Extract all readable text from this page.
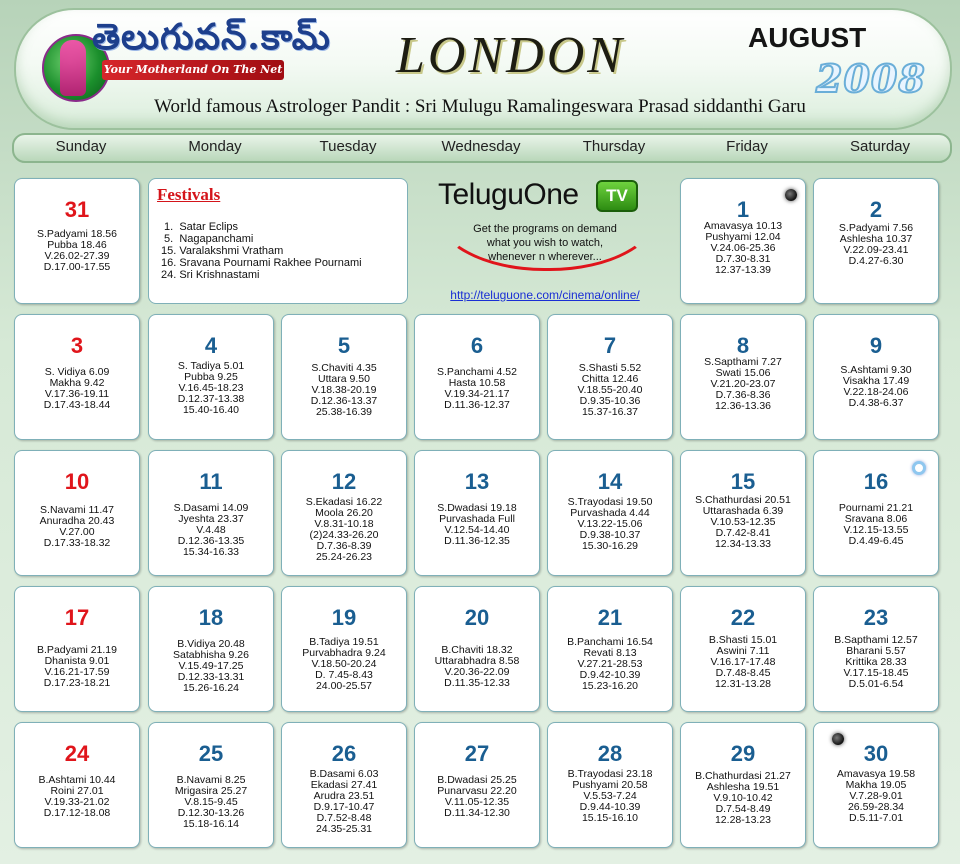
తెలుగువన్.కామ్
Your Motherland On The Net LONDON	AUGUST
2008
World famous Astrologer Pandit : Sri Mulugu Ramalingeswara Prasad siddanthi Garu
Sunday	Monday	Tuesday	Wednesday	Thursday	Friday	Saturday
31
S.Padyami 18.56
Pubba 18.46
V.26.02-27.39
D.17.00-17.55
1
Amavasya 10.13
Pushyami 12.04
V.24.06-25.36
D.7.30-8.31
12.37-13.39
2
S.Padyami 7.56
Ashlesha 10.37
V.22.09-23.41
D.4.27-6.30
3
S. Vidiya 6.09
Makha 9.42
V.17.36-19.11
D.17.43-18.44
4
S. Tadiya 5.01
Pubba 9.25
V.16.45-18.23
D.12.37-13.38
15.40-16.40
5
S.Chaviti 4.35
Uttara 9.50
V.18.38-20.19
D.12.36-13.37
25.38-16.39
6
S.Panchami 4.52
Hasta 10.58
V.19.34-21.17
D.11.36-12.37
7
S.Shasti 5.52
Chitta 12.46
V.18.55-20.40
D.9.35-10.36
15.37-16.37
8
S.Sapthami 7.27
Swati 15.06
V.21.20-23.07
D.7.36-8.36
12.36-13.36
9
S.Ashtami 9.30
Visakha 17.49
V.22.18-24.06
D.4.38-6.37
10
S.Navami 11.47
Anuradha 20.43
V.27.00
D.17.33-18.32
11
S.Dasami 14.09
Jyeshta 23.37
V.4.48
D.12.36-13.35
15.34-16.33
12
S.Ekadasi 16.22
Moola 26.20
V.8.31-10.18
(2)24.33-26.20
D.7.36-8.39
25.24-26.23
13
S.Dwadasi 19.18
Purvashada Full
V.12.54-14.40
D.11.36-12.35
14
S.Trayodasi 19.50
Purvashada 4.44
V.13.22-15.06
D.9.38-10.37
15.30-16.29
15
S.Chathurdasi 20.51
Uttarashada 6.39
V.10.53-12.35
D.7.42-8.41
12.34-13.33
16
Pournami 21.21
Sravana 8.06
V.12.15-13.55
D.4.49-6.45
17
B.Padyami 21.19
Dhanista 9.01
V.16.21-17.59
D.17.23-18.21
18
B.Vidiya 20.48
Satabhisha 9.26
V.15.49-17.25
D.12.33-13.31
15.26-16.24
19
B.Tadiya 19.51
Purvabhadra 9.24
V.18.50-20.24
D. 7.45-8.43
24.00-25.57
20
B.Chaviti 18.32
Uttarabhadra 8.58
V.20.36-22.09
D.11.35-12.33
21
B.Panchami 16.54
Revati 8.13
V.27.21-28.53
D.9.42-10.39
15.23-16.20
22
B.Shasti 15.01
Aswini 7.11
V.16.17-17.48
D.7.48-8.45
12.31-13.28
23
B.Sapthami 12.57
Bharani 5.57
Krittika 28.33
V.17.15-18.45
D.5.01-6.54
24
B.Ashtami 10.44
Roini 27.01
V.19.33-21.02
D.17.12-18.08
25
B.Navami 8.25
Mrigasira 25.27
V.8.15-9.45
D.12.30-13.26
15.18-16.14
26
B.Dasami 6.03
Ekadasi 27.41
Arudra 23.51
D.9.17-10.47
D.7.52-8.48
24.35-25.31
27
B.Dwadasi 25.25
Punarvasu 22.20
V.11.05-12.35
D.11.34-12.30
28
B.Trayodasi 23.18
Pushyami 20.58
V.5.53-7.24
D.9.44-10.39
15.15-16.10
29
B.Chathurdasi 21.27
Ashlesha 19.51
V.9.10-10.42
D.7.54-8.49
12.28-13.23
30
Amavasya 19.58
Makha 19.05
V.7.28-9.01
26.59-28.34
D.5.11-7.01
Festivals
1.  Satar Eclips
5.  Nagapanchami
15. Varalakshmi Vratham
16. Sravana Pournami Rakhee Pournami
24. Sri Krishnastami
TeluguOne	TV
Get the programs on demand
what you wish to watch,
whenever n wherever...
http://teluguone.com/cinema/online/
